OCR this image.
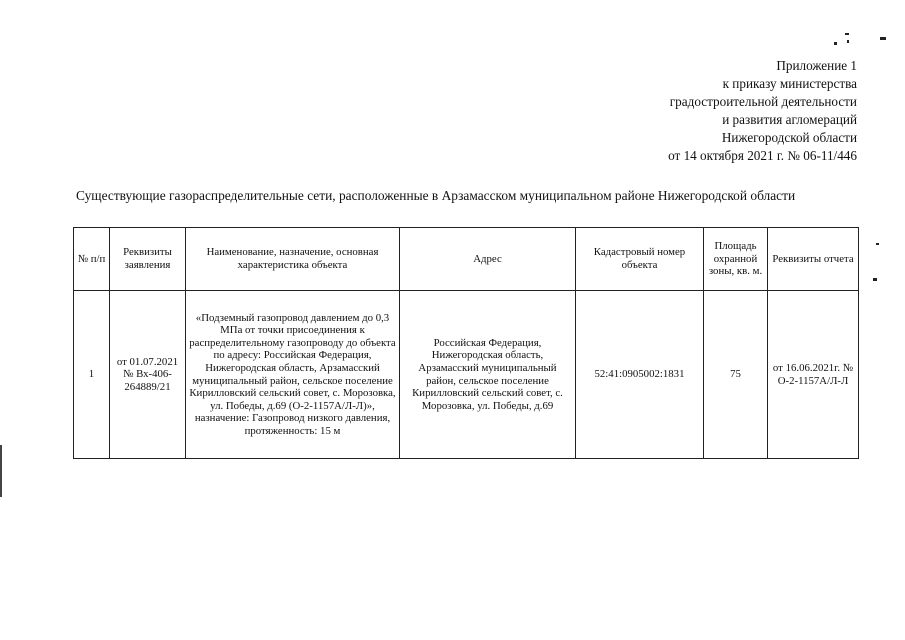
Приложение 1
к приказу министерства
градостроительной деятельности
и развития агломераций
Нижегородской области
от 14 октября 2021 г. № 06-11/446
Существующие газораспределительные сети, расположенные в Арзамасском муниципальном районе Нижегородской области
№ п/п	Реквизиты заявления	Наименование, назначение, основная характеристика объекта	Адрес	Кадастровый номер объекта	Площадь охранной зоны, кв. м.	Реквизиты отчета
1	от 01.07.2021 № Вх-406-264889/21	«Подземный газопровод давлением до 0,3 МПа от точки присоединения к распределительному газопроводу до объекта по адресу: Российская Федерация, Нижегородская область, Арзамасский муниципальный район, сельское поселение Кирилловский сельский совет, с. Морозовка, ул. Победы, д.69 (О-2-1157А/Л-Л)», назначение: Газопровод низкого давления, протяженность: 15 м	Российская Федерация, Нижегородская область, Арзамасский муниципальный район, сельское поселение Кирилловский сельский совет, с. Морозовка, ул. Победы, д.69	52:41:0905002:1831	75	от 16.06.2021г. № О-2-1157А/Л-Л
